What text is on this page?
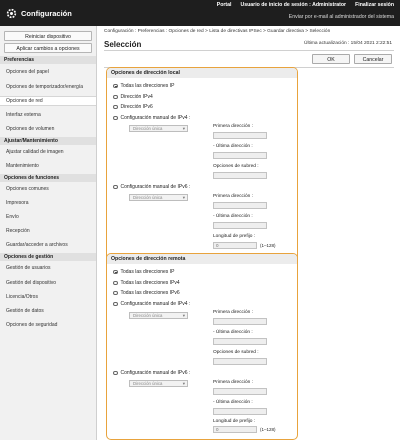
Configuración
Portal Usuario de inicio de sesión : Administrator Finalizar sesión
Enviar por e-mail al administrador del sistema
Reiniciar dispositivo
Aplicar cambios a opciones
Preferencias
Opciones del papel
Opciones de temporizador/energía
Opciones de red
Interfaz externa
Opciones de volumen
Ajustar/Mantenimiento
Ajustar calidad de imagen
Mantenimiento
Opciones de funciones
Opciones comunes
Impresora
Envío
Recepción
Guardar/acceder a archivos
Opciones de gestión
Gestión de usuarios
Gestión del dispositivo
Licencia/Otros
Gestión de datos
Opciones de seguridad
Configuración : Preferencias : Opciones de red > Lista de directivas IPSec > Guardar directiva > Selección
Selección	Última actualización : 15/04 2021 2:22:51
OK	Cancelar
Opciones de dirección local
Todas las direcciones IP
Dirección IPv4
Dirección IPv6
Configuración manual de IPv4 :
Dirección única	▾	Primera dirección :
- Última dirección :
Opciones de subred :
Configuración manual de IPv6 :
Dirección única	▾	Primera dirección :
- Última dirección :
Longitud de prefijo :
0	(1–128)
Opciones de dirección remota
Todas las direcciones IP
Todas las direcciones IPv4
Todas las direcciones IPv6
Configuración manual de IPv4 :
Dirección única	▾
Primera dirección :
- Última dirección :
Opciones de subred :
Configuración manual de IPv6 :
Dirección única	▾	Primera dirección :
- Última dirección :
Longitud de prefijo :
0	(1–128)
